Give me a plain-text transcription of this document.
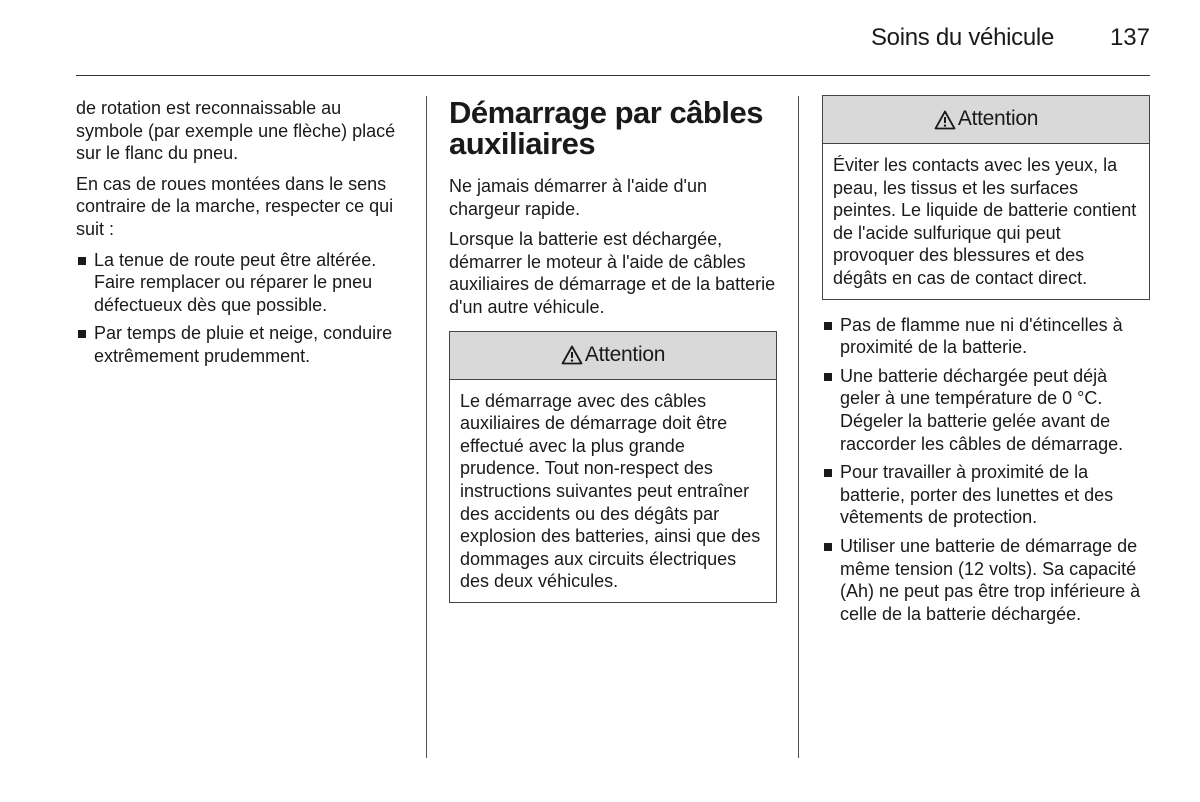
Soins du véhicule 137

de rotation est reconnaissable au symbole (par exemple une flèche) placé sur le flanc du pneu.

En cas de roues montées dans le sens contraire de la marche, respecter ce qui suit :

La tenue de route peut être altérée. Faire remplacer ou réparer le pneu défectueux dès que possible.
Par temps de pluie et neige, conduire extrêmement prudemment.
Démarrage par câbles auxiliaires

Ne jamais démarrer à l'aide d'un chargeur rapide.

Lorsque la batterie est déchargée, démarrer le moteur à l'aide de câbles auxiliaires de démarrage et de la batterie d'un autre véhicule.

Attention
Le démarrage avec des câbles auxiliaires de démarrage doit être effectué avec la plus grande prudence. Tout non-respect des instructions suivantes peut entraîner des accidents ou des dégâts par explosion des batteries, ainsi que des dommages aux circuits électriques des deux véhicules.
Attention
Éviter les contacts avec les yeux, la peau, les tissus et les surfaces peintes. Le liquide de batterie contient de l'acide sulfurique qui peut provoquer des blessures et des dégâts en cas de contact direct.
Pas de flamme nue ni d'étincelles à proximité de la batterie.
Une batterie déchargée peut déjà geler à une température de 0 °C. Dégeler la batterie gelée avant de raccorder les câbles de démarrage.
Pour travailler à proximité de la batterie, porter des lunettes et des vêtements de protection.
Utiliser une batterie de démarrage de même tension (12 volts). Sa capacité (Ah) ne peut pas être trop inférieure à celle de la batterie déchargée.
